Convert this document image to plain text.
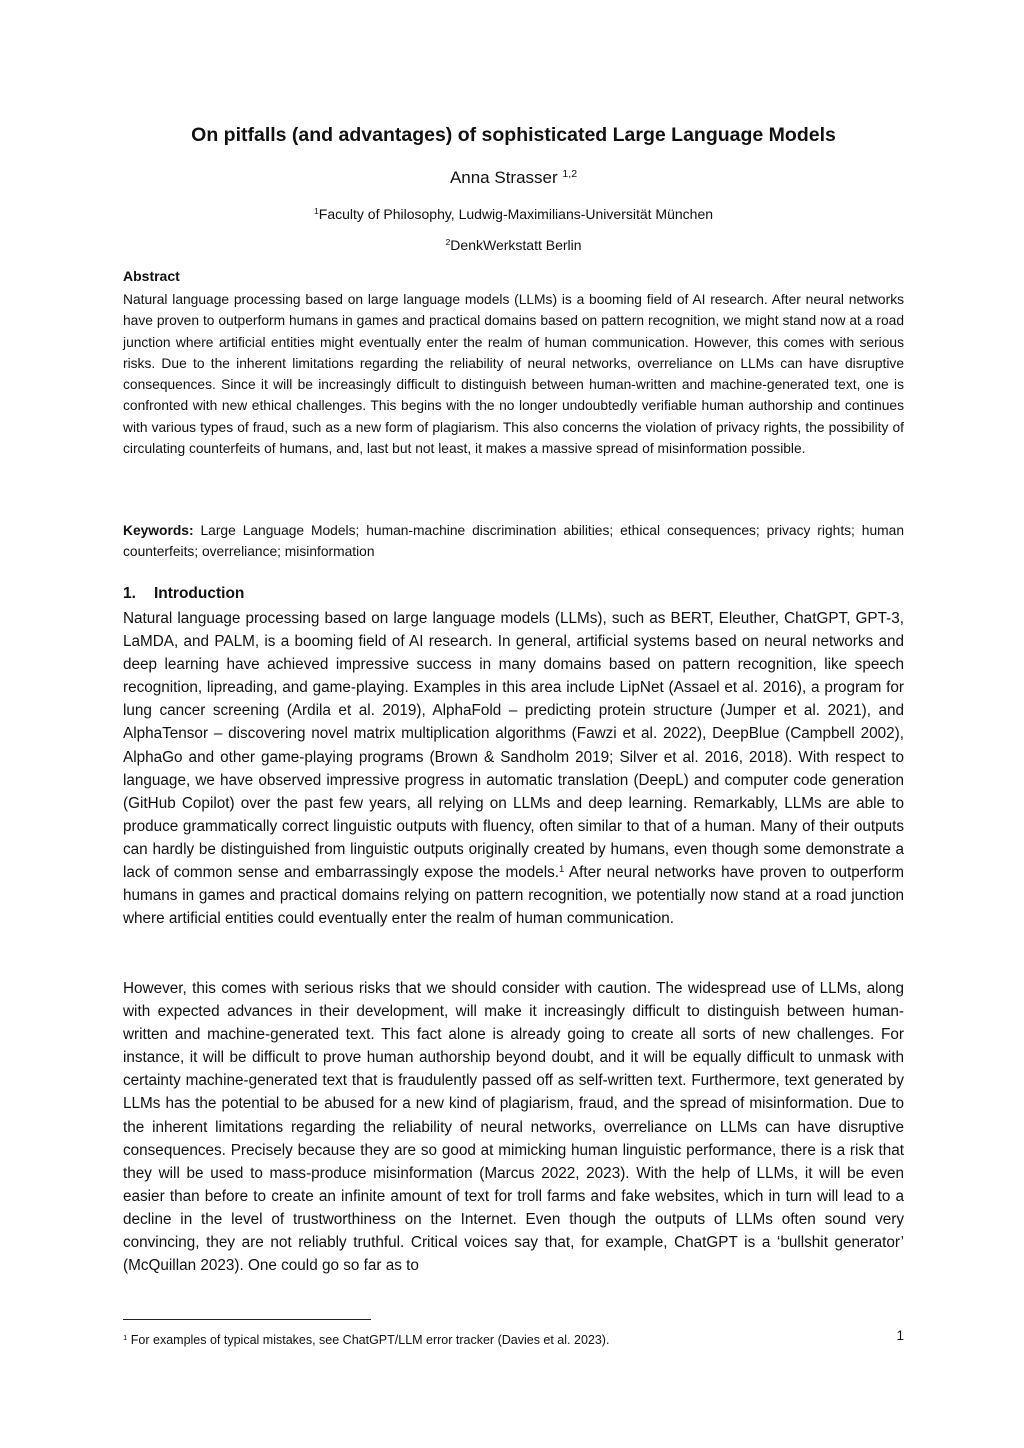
On pitfalls (and advantages) of sophisticated Large Language Models
Anna Strasser $^{1,2}$
$^1$Faculty of Philosophy, Ludwig-Maximilians-Universität München
$^2$DenkWerkstatt Berlin
Abstract

Natural language processing based on large language models (LLMs) is a booming field of AI research. After neural networks have proven to outperform humans in games and practical domains based on pattern recognition, we might stand now at a road junction where artificial entities might eventually enter the realm of human communication. However, this comes with serious risks. Due to the inherent limitations regarding the reliability of neural networks, overreliance on LLMs can have disruptive consequences. Since it will be increasingly difficult to distinguish between human-written and machine-generated text, one is confronted with new ethical challenges. This begins with the no longer undoubtedly verifiable human authorship and continues with various types of fraud, such as a new form of plagiarism. This also concerns the violation of privacy rights, the possibility of circulating counterfeits of humans, and, last but not least, it makes a massive spread of misinformation possible.

Keywords: Large Language Models; human-machine discrimination abilities; ethical consequences; privacy rights; human counterfeits; overreliance; misinformation

1. Introduction

Natural language processing based on large language models (LLMs), such as BERT, Eleuther, ChatGPT, GPT-3, LaMDA, and PALM, is a booming field of AI research. In general, artificial systems based on neural networks and deep learning have achieved impressive success in many domains based on pattern recognition, like speech recognition, lipreading, and game-playing. Examples in this area include LipNet (Assael et al. 2016), a program for lung cancer screening (Ardila et al. 2019), AlphaFold – predicting protein structure (Jumper et al. 2021), and AlphaTensor – discovering novel matrix multiplication algorithms (Fawzi et al. 2022), DeepBlue (Campbell 2002), AlphaGo and other game-playing programs (Brown & Sandholm 2019; Silver et al. 2016, 2018). With respect to language, we have observed impressive progress in automatic translation (DeepL) and computer code generation (GitHub Copilot) over the past few years, all relying on LLMs and deep learning. Remarkably, LLMs are able to produce grammatically correct linguistic outputs with fluency, often similar to that of a human. Many of their outputs can hardly be distinguished from linguistic outputs originally created by humans, even though some demonstrate a lack of common sense and embarrassingly expose the models.$^1$ After neural networks have proven to outperform humans in games and practical domains relying on pattern recognition, we potentially now stand at a road junction where artificial entities could eventually enter the realm of human communication.

However, this comes with serious risks that we should consider with caution. The widespread use of LLMs, along with expected advances in their development, will make it increasingly difficult to distinguish between human-written and machine-generated text. This fact alone is already going to create all sorts of new challenges. For instance, it will be difficult to prove human authorship beyond doubt, and it will be equally difficult to unmask with certainty machine-generated text that is fraudulently passed off as self-written text. Furthermore, text generated by LLMs has the potential to be abused for a new kind of plagiarism, fraud, and the spread of misinformation. Due to the inherent limitations regarding the reliability of neural networks, overreliance on LLMs can have disruptive consequences. Precisely because they are so good at mimicking human linguistic performance, there is a risk that they will be used to mass-produce misinformation (Marcus 2022, 2023). With the help of LLMs, it will be even easier than before to create an infinite amount of text for troll farms and fake websites, which in turn will lead to a decline in the level of trustworthiness on the Internet. Even though the outputs of LLMs often sound very convincing, they are not reliably truthful. Critical voices say that, for example, ChatGPT is a ‘bullshit generator’ (McQuillan 2023). One could go so far as to

$^1$ For examples of typical mistakes, see ChatGPT/LLM error tracker (Davies et al. 2023).	1
